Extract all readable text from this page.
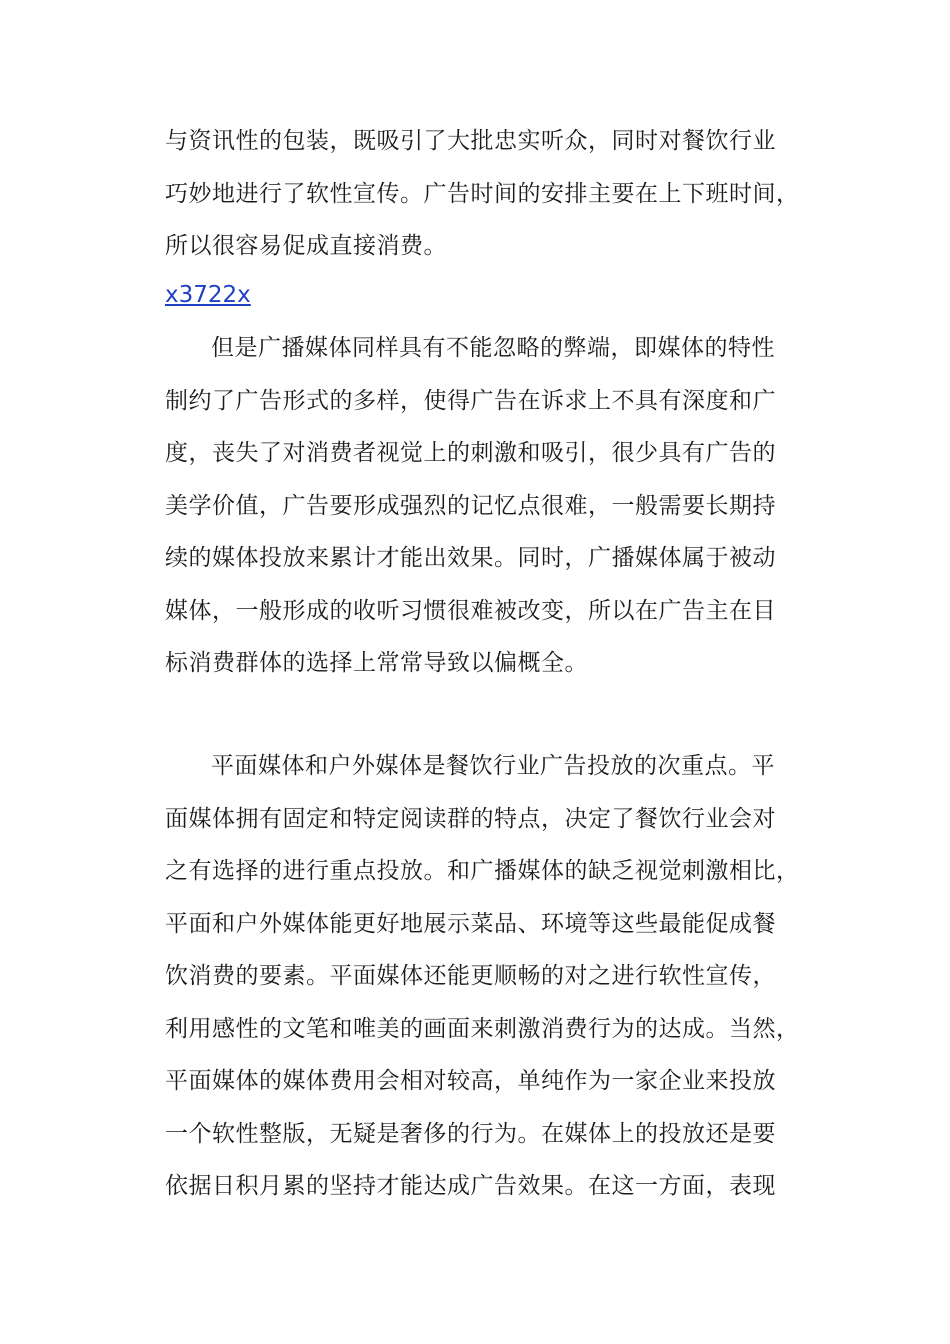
与资讯性的包装，既吸引了大批忠实听众，同时对餐饮行业
巧妙地进行了软性宣传。广告时间的安排主要在上下班时间，
所以很容易促成直接消费。
x3722x
但是广播媒体同样具有不能忽略的弊端，即媒体的特性
制约了广告形式的多样，使得广告在诉求上不具有深度和广
度，丧失了对消费者视觉上的刺激和吸引，很少具有广告的
美学价值，广告要形成强烈的记忆点很难，一般需要长期持
续的媒体投放来累计才能出效果。同时，广播媒体属于被动
媒体，一般形成的收听习惯很难被改变，所以在广告主在目
标消费群体的选择上常常导致以偏概全。
平面媒体和户外媒体是餐饮行业广告投放的次重点。平
面媒体拥有固定和特定阅读群的特点，决定了餐饮行业会对
之有选择的进行重点投放。和广播媒体的缺乏视觉刺激相比，
平面和户外媒体能更好地展示菜品、环境等这些最能促成餐
饮消费的要素。平面媒体还能更顺畅的对之进行软性宣传，
利用感性的文笔和唯美的画面来刺激消费行为的达成。当然，
平面媒体的媒体费用会相对较高，单纯作为一家企业来投放
一个软性整版，无疑是奢侈的行为。在媒体上的投放还是要
依据日积月累的坚持才能达成广告效果。在这一方面，表现
